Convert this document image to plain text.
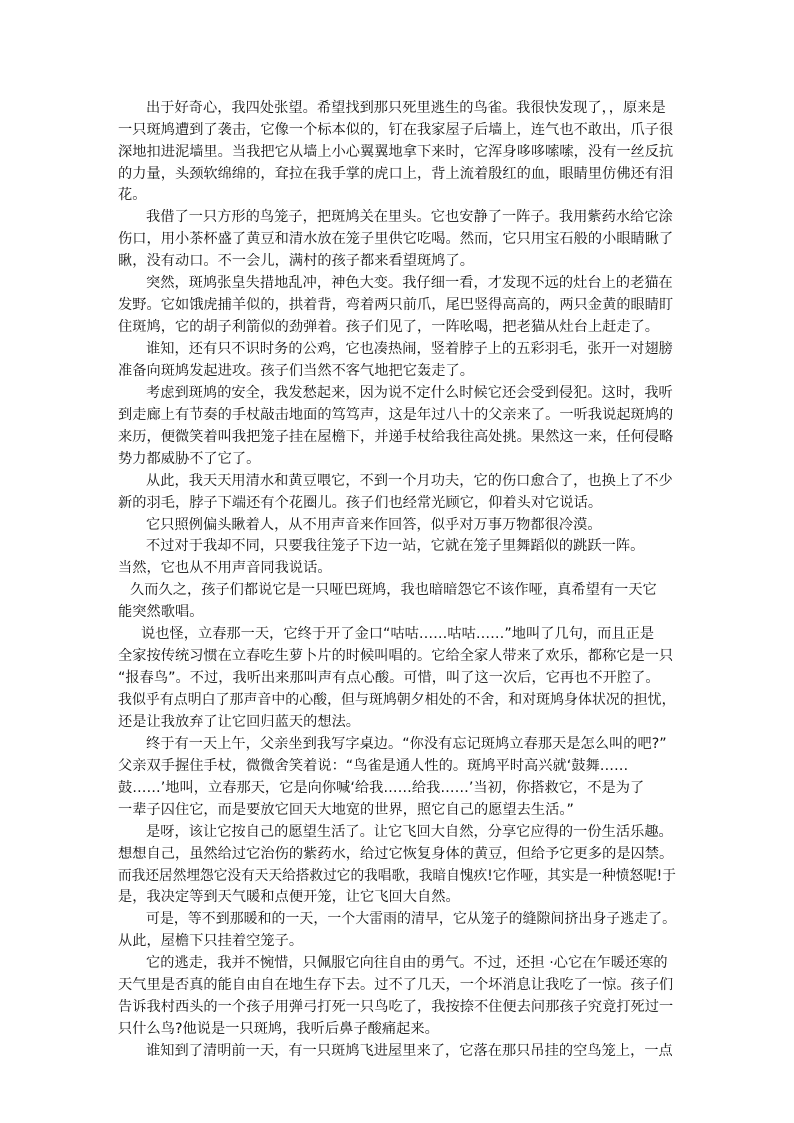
出于好奇心，我四处张望。希望找到那只死里逃生的鸟雀。我很快发现了，，原来是
一只斑鸠遭到了袭击，它像一个标本似的，钉在我家屋子后墙上，连气也不敢出，爪子很
深地扣进泥墙里。当我把它从墙上小心翼翼地拿下来时，它浑身哆哆嗦嗦，没有一丝反抗
的力量，头颈软绵绵的，耷拉在我手掌的虎口上，背上流着殷红的血，眼睛里仿佛还有泪
花。
我借了一只方形的鸟笼子，把斑鸠关在里头。它也安静了一阵子。我用紫药水给它涂
伤口，用小茶杯盛了黄豆和清水放在笼子里供它吃喝。然而，它只用宝石般的小眼睛瞅了
瞅，没有动口。不一会儿，满村的孩子都来看望斑鸠了。
突然，斑鸠张皇失措地乱冲，神色大变。我仔细一看，才发现不远的灶台上的老猫在
发野。它如饿虎捕羊似的，拱着背，弯着两只前爪，尾巴竖得高高的，两只金黄的眼睛盯
住斑鸠，它的胡子利箭似的劲弹着。孩子们见了，一阵吆喝，把老猫从灶台上赶走了。
谁知，还有只不识时务的公鸡，它也凑热闹，竖着脖子上的五彩羽毛，张开一对翅膀
准备向斑鸠发起进攻。孩子们当然不客气地把它轰走了。
考虑到斑鸠的安全，我发愁起来，因为说不定什么时候它还会受到侵犯。这时，我听
到走廊上有节奏的手杖敲击地面的笃笃声，这是年过八十的父亲来了。一听我说起斑鸠的
来历，便微笑着叫我把笼子挂在屋檐下，并递手杖给我往高处挑。果然这一来，任何侵略
势力都威胁不了它了。
从此，我天天用清水和黄豆喂它，不到一个月功夫，它的伤口愈合了，也换上了不少
新的羽毛，脖子下端还有个花圈儿。孩子们也经常光顾它，仰着头对它说话。
它只照例偏头瞅着人，从不用声音来作回答，似乎对万事万物都很冷漠。
不过对于我却不同，只要我往笼子下边一站，它就在笼子里舞蹈似的跳跃一阵。
当然，它也从不用声音同我说话。
久而久之，孩子们都说它是一只哑巴斑鸠，我也暗暗怨它不该作哑，真希望有一天它
能突然歌唱。
说也怪，立春那一天，它终于开了金口“咕咕……咕咕……”地叫了几句，而且正是
全家按传统习惯在立春吃生萝卜片的时候叫唱的。它给全家人带来了欢乐，都称它是一只
“报春鸟”。不过，我听出来那叫声有点心酸。可惜，叫了这一次后，它再也不开腔了。
我似乎有点明白了那声音中的心酸，但与斑鸠朝夕相处的不舍，和对斑鸠身体状况的担忧，
还是让我放弃了让它回归蓝天的想法。
终于有一天上午，父亲坐到我写字桌边。“你没有忘记斑鸠立春那天是怎么叫的吧?”
父亲双手握住手杖，微微舍笑着说：“鸟雀是通人性的。斑鸠平时高兴就‘鼓舞……
鼓……’地叫，立春那天，它是向你喊‘给我……给我……’当初，你搭救它，不是为了
一辈子囚住它，而是要放它回天大地宽的世界，照它自己的愿望去生活。”
是呀，该让它按自己的愿望生活了。让它飞回大自然，分享它应得的一份生活乐趣。
想想自己，虽然给过它治伤的紫药水，给过它恢复身体的黄豆，但给予它更多的是囚禁。
而我还居然埋怨它没有天天给搭救过它的我唱歌，我暗自愧疚!它作哑，其实是一种愤怒呢!于
是，我决定等到天气暖和点便开笼，让它飞回大自然。
可是，等不到那暖和的一天，一个大雷雨的清早，它从笼子的缝隙间挤出身子逃走了。
从此，屋檐下只挂着空笼子。
它的逃走，我并不惋惜，只佩服它向往自由的勇气。不过，还担 ·心它在乍暖还寒的
天气里是否真的能自由自在地生存下去。过不了几天，一个坏消息让我吃了一惊。孩子们
告诉我村西头的一个孩子用弹弓打死一只鸟吃了，我按捺不住便去问那孩子究竟打死过一
只什么鸟?他说是一只斑鸠，我听后鼻子酸痛起来。
谁知到了清明前一天，有一只斑鸠飞进屋里来了，它落在那只吊挂的空鸟笼上，一点
